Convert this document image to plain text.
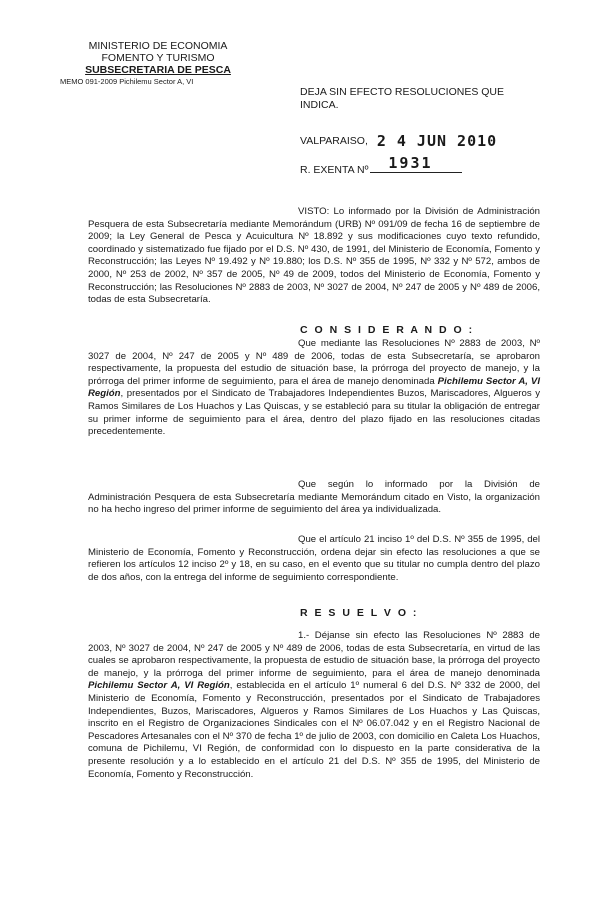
MINISTERIO DE ECONOMIA
FOMENTO Y TURISMO
SUBSECRETARIA DE PESCA
MEMO 091-2009 Pichilemu Sector A, VI
DEJA SIN EFECTO RESOLUCIONES QUE INDICA.
VALPARAISO, 2 4 JUN 2010
R. EXENTA Nº 1931
VISTO: Lo informado por la División de Administración Pesquera de esta Subsecretaría mediante Memorándum (URB) Nº 091/09 de fecha 16 de septiembre de 2009; la Ley General de Pesca y Acuicultura Nº 18.892 y sus modificaciones cuyo texto refundido, coordinado y sistematizado fue fijado por el D.S. Nº 430, de 1991, del Ministerio de Economía, Fomento y Reconstrucción; las Leyes Nº 19.492 y Nº 19.880; los D.S. Nº 355 de 1995, Nº 332 y Nº 572, ambos de 2000, Nº 253 de 2002, Nº 357 de 2005, Nº 49 de 2009, todos del Ministerio de Economía, Fomento y Reconstrucción; las Resoluciones Nº 2883 de 2003, Nº 3027 de 2004, Nº 247 de 2005 y Nº 489 de 2006, todas de esta Subsecretaría.
C O N S I D E R A N D O :
Que mediante las Resoluciones Nº 2883 de 2003, Nº 3027 de 2004, Nº 247 de 2005 y Nº 489 de 2006, todas de esta Subsecretaría, se aprobaron respectivamente, la propuesta del estudio de situación base, la prórroga del proyecto de manejo, y la prórroga del primer informe de seguimiento, para el área de manejo denominada Pichilemu Sector A, VI Región, presentados por el Sindicato de Trabajadores Independientes Buzos, Mariscadores, Algueros y Ramos Similares de Los Huachos y Las Quiscas, y se estableció para su titular la obligación de entregar su primer informe de seguimiento para el área, dentro del plazo fijado en las resoluciones citadas precedentemente.
Que según lo informado por la División de Administración Pesquera de esta Subsecretaría mediante Memorándum citado en Visto, la organización no ha hecho ingreso del primer informe de seguimiento del área ya individualizada.
Que el artículo 21 inciso 1º del D.S. Nº 355 de 1995, del Ministerio de Economía, Fomento y Reconstrucción, ordena dejar sin efecto las resoluciones a que se refieren los artículos 12 inciso 2º y 18, en su caso, en el evento que su titular no cumpla dentro del plazo de dos años, con la entrega del informe de seguimiento correspondiente.
R E S U E L V O :
1.- Déjanse sin efecto las Resoluciones Nº 2883 de 2003, Nº 3027 de 2004, Nº 247 de 2005 y Nº 489 de 2006, todas de esta Subsecretaría, en virtud de las cuales se aprobaron respectivamente, la propuesta de estudio de situación base, la prórroga del proyecto de manejo, y la prórroga del primer informe de seguimiento, para el área de manejo denominada Pichilemu Sector A, VI Región, establecida en el artículo 1º numeral 6 del D.S. Nº 332 de 2000, del Ministerio de Economía, Fomento y Reconstrucción, presentados por el Sindicato de Trabajadores Independientes, Buzos, Mariscadores, Algueros y Ramos Similares de Los Huachos y Las Quiscas, inscrito en el Registro de Organizaciones Sindicales con el Nº 06.07.042 y en el Registro Nacional de Pescadores Artesanales con el Nº 370 de fecha 1º de julio de 2003, con domicilio en Caleta Los Huachos, comuna de Pichilemu, VI Región, de conformidad con lo dispuesto en la parte considerativa de la presente resolución y a lo establecido en el artículo 21 del D.S. Nº 355 de 1995, del Ministerio de Economía, Fomento y Reconstrucción.
